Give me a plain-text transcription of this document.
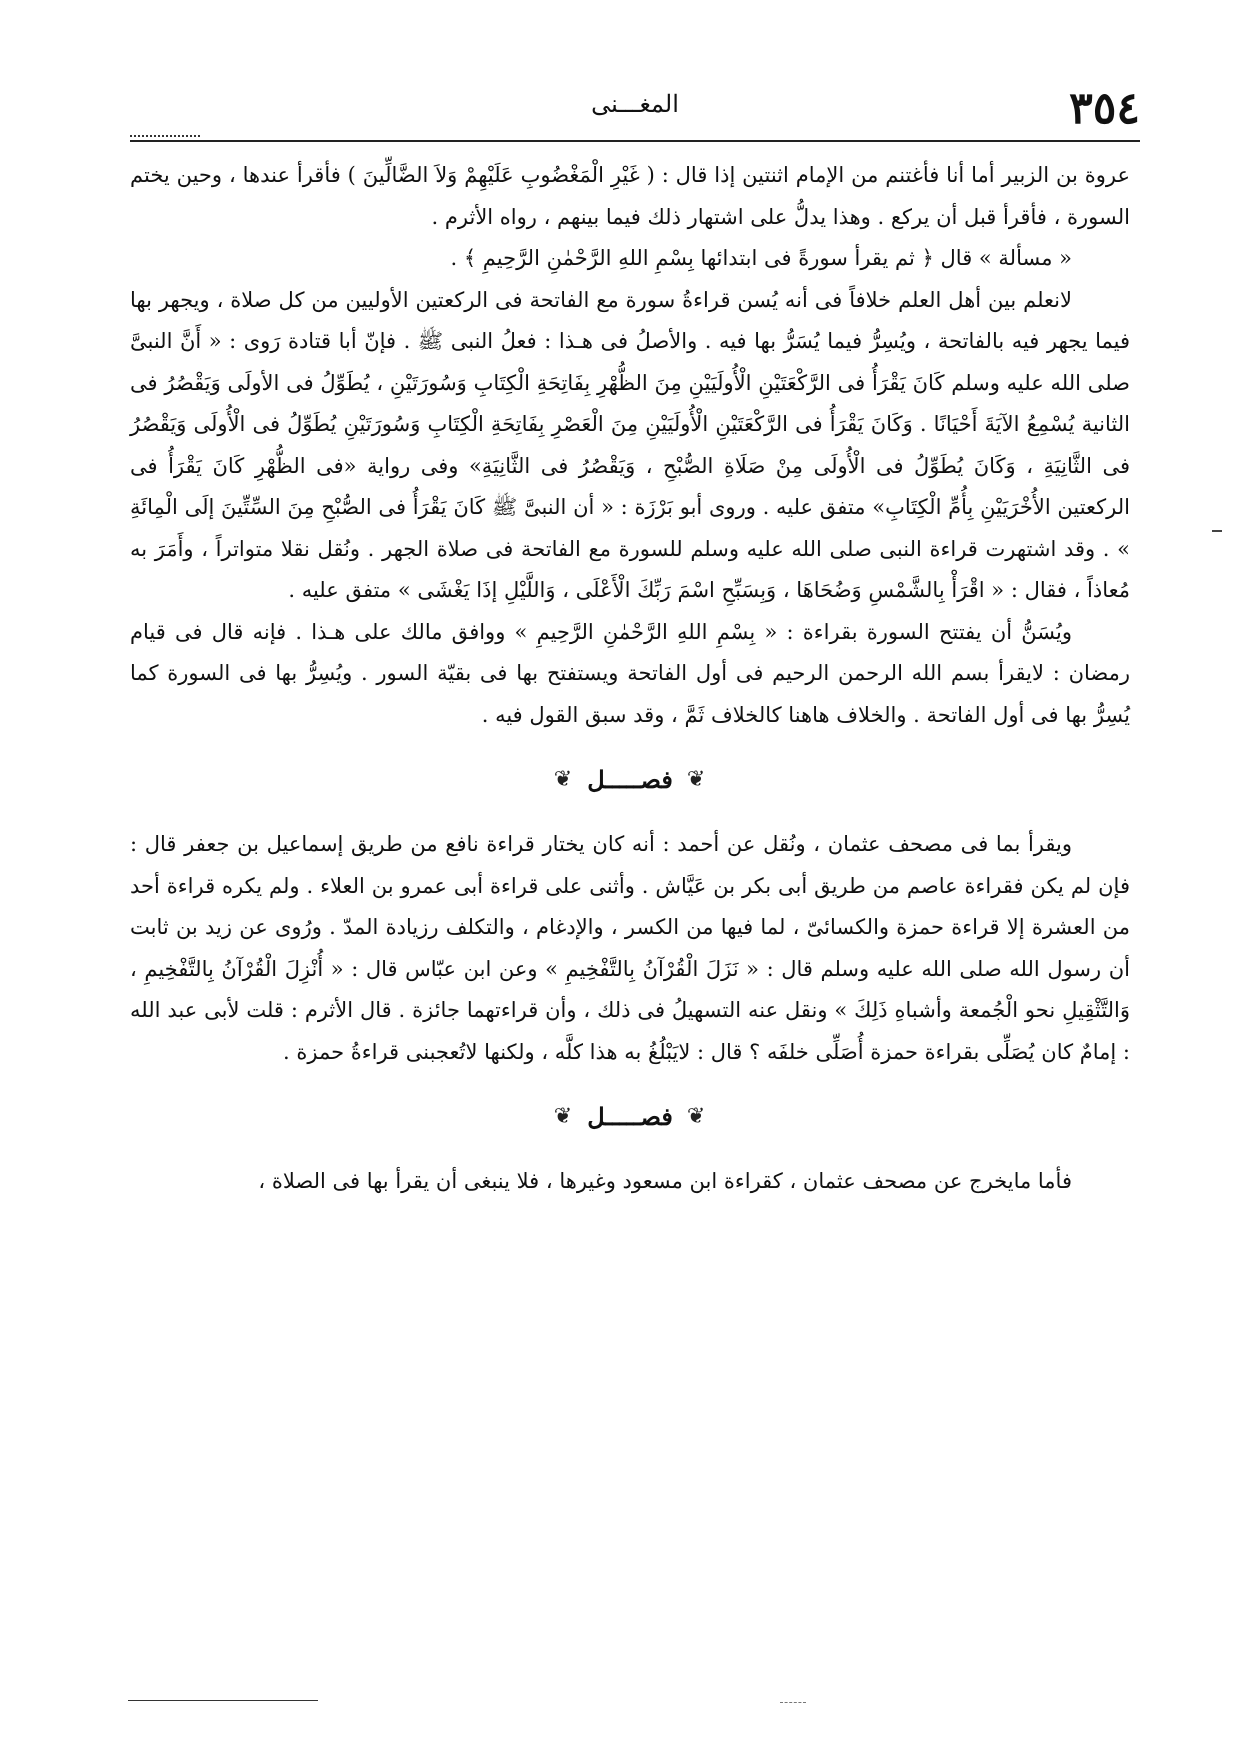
٣٥٤
المغـــنى

عروة بن الزبير أما أنا فأغتنم من الإمام اثنتين إذا قال : ( غَيْرِ الْمَغْضُوبِ عَلَيْهِمْ وَلاَ الضَّالِّينَ ) فأقرأ عندها ، وحين يختم السورة ، فأقرأ قبل أن يركع . وهذا يدلُّ على اشتهار ذلك فيما بينهم ، رواه الأثرم .

« مسألة » قال ﴿ ثم يقرأ سورةً فى ابتدائها بِسْمِ اللهِ الرَّحْمٰنِ الرَّحِيمِ ﴾ .

لانعلم بين أهل العلم خلافاً فى أنه يُسن قراءةُ سورة مع الفاتحة فى الركعتين الأوليين من كل صلاة ، ويجهر بها فيما يجهر فيه بالفاتحة ، ويُسِرُّ فيما يُسَرُّ بها فيه . والأصلُ فى هـذا : فعلُ النبى ﷺ . فإنّ أبا قتادة رَوى : « أَنَّ النبىَّ صلى الله عليه وسلم كَانَ يَقْرَأُ فى الرَّكْعَتَيْنِ الْأُولَيَيْنِ مِنَ الظُّهْرِ بِفَاتِحَةِ الْكِتَابِ وَسُورَتَيْنِ ، يُطَوِّلُ فى الأولَى وَيَقْصُرُ فى الثانية يُسْمِعُ الآيَةَ أَحْيَانًا . وَكَانَ يَقْرَأُ فى الرَّكْعَتَيْنِ الْأُولَيَيْنِ مِنَ الْعَصْرِ بِفَاتِحَةِ الْكِتَابِ وَسُورَتَيْنِ يُطَوِّلُ فى الْأُولَى وَيَقْصُرُ فى الثَّانِيَةِ ، وَكَانَ يُطَوِّلُ فى الْأُولَى مِنْ صَلَاةِ الصُّبْحِ ، وَيَقْصُرُ فى الثَّانِيَةِ» وفى رواية «فى الظُّهْرِ كَانَ يَقْرَأُ فى الركعتين الأُخْرَيَيْنِ بِأُمِّ الْكِتَابِ» متفق عليه . وروى أبو بَرْزَة : « أن النبىَّ ﷺ كَانَ يَقْرَأُ فى الصُّبْحِ مِنَ السِّتِّينَ إلَى الْمِائَةِ » . وقد اشتهرت قراءة النبى صلى الله عليه وسلم للسورة مع الفاتحة فى صلاة الجهر . ونُقل نقلا متواتراً ، وأَمَرَ به مُعاذاً ، فقال : « اقْرَأْ بِالشَّمْسِ وَضُحَاهَا ، وَبِسَبِّحِ اسْمَ رَبِّكَ الْأَعْلَى ، وَاللَّيْلِ إذَا يَغْشَى » متفق عليه .

ويُسَنُّ أن يفتتح السورة بقراءة : « بِسْمِ اللهِ الرَّحْمٰنِ الرَّحِيمِ » ووافق مالك على هـذا . فإنه قال فى قيام رمضان : لايقرأ بسم الله الرحمن الرحيم فى أول الفاتحة ويستفتح بها فى بقيّة السور . ويُسِرُّ بها فى السورة كما يُسِرُّ بها فى أول الفاتحة . والخلاف هاهنا كالخلاف ثَمَّ ، وقد سبق القول فيه .

❦
فصـــــل
❦

ويقرأ بما فى مصحف عثمان ، ونُقل عن أحمد : أنه كان يختار قراءة نافع من طريق إسماعيل بن جعفر قال : فإن لم يكن فقراءة عاصم من طريق أبى بكر بن عَيَّاش . وأثنى على قراءة أبى عمرو بن العلاء . ولم يكره قراءة أحد من العشرة إلا قراءة حمزة والكسائىّ ، لما فيها من الكسر ، والإدغام ، والتكلف رزيادة المدّ . ورُوى عن زيد بن ثابت أن رسول الله صلى الله عليه وسلم قال : « نَزَلَ الْقُرْآنُ بِالتَّفْخِيمِ » وعن ابن عبّاس قال : « أُنْزِلَ الْقُرْآنُ بِالتَّفْخِيمِ ، وَالتَّثْقِيلِ نحو الْجُمعة وأشباهِ ذَلِكَ » ونقل عنه التسهيلُ فى ذلك ، وأن قراءتهما جائزة . قال الأثرم : قلت لأبى عبد الله : إمامٌ كان يُصَلِّى بقراءة حمزة أُصَلِّى خلفَه ؟ قال : لايَبْلُغُ به هذا كلَّه ، ولكنها لاتُعجبنى قراءةُ حمزة .

❦
فصـــــل
❦

فأما مايخرج عن مصحف عثمان ، كقراءة ابن مسعود وغيرها ، فلا ينبغى أن يقرأ بها فى الصلاة ،
